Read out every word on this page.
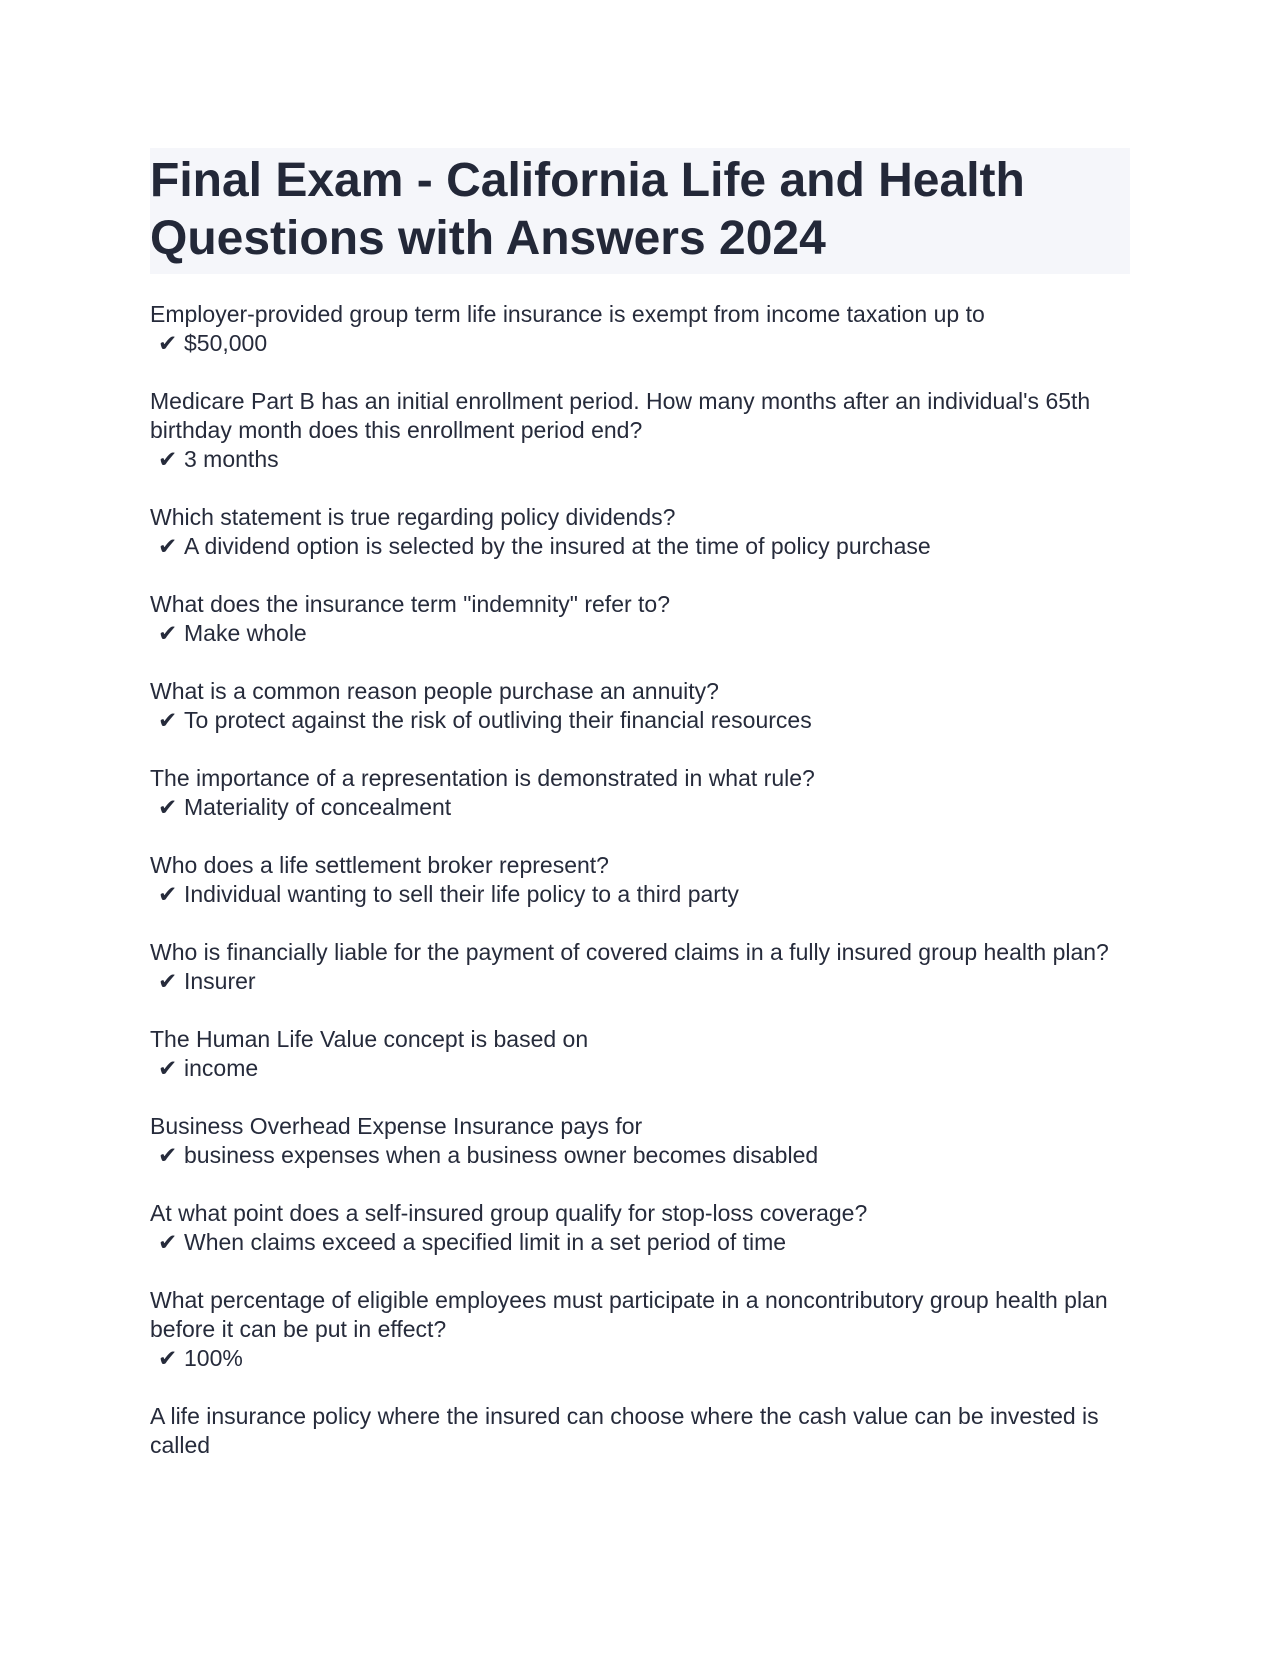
Final Exam - California Life and Health Questions with Answers 2024
Employer-provided group term life insurance is exempt from income taxation up to
✔ $50,000
Medicare Part B has an initial enrollment period. How many months after an individual's 65th birthday month does this enrollment period end?
✔ 3 months
Which statement is true regarding policy dividends?
✔ A dividend option is selected by the insured at the time of policy purchase
What does the insurance term "indemnity" refer to?
✔ Make whole
What is a common reason people purchase an annuity?
✔ To protect against the risk of outliving their financial resources
The importance of a representation is demonstrated in what rule?
✔ Materiality of concealment
Who does a life settlement broker represent?
✔ Individual wanting to sell their life policy to a third party
Who is financially liable for the payment of covered claims in a fully insured group health plan?
✔ Insurer
The Human Life Value concept is based on
✔ income
Business Overhead Expense Insurance pays for
✔ business expenses when a business owner becomes disabled
At what point does a self-insured group qualify for stop-loss coverage?
✔ When claims exceed a specified limit in a set period of time
What percentage of eligible employees must participate in a noncontributory group health plan before it can be put in effect?
✔ 100%
A life insurance policy where the insured can choose where the cash value can be invested is called
